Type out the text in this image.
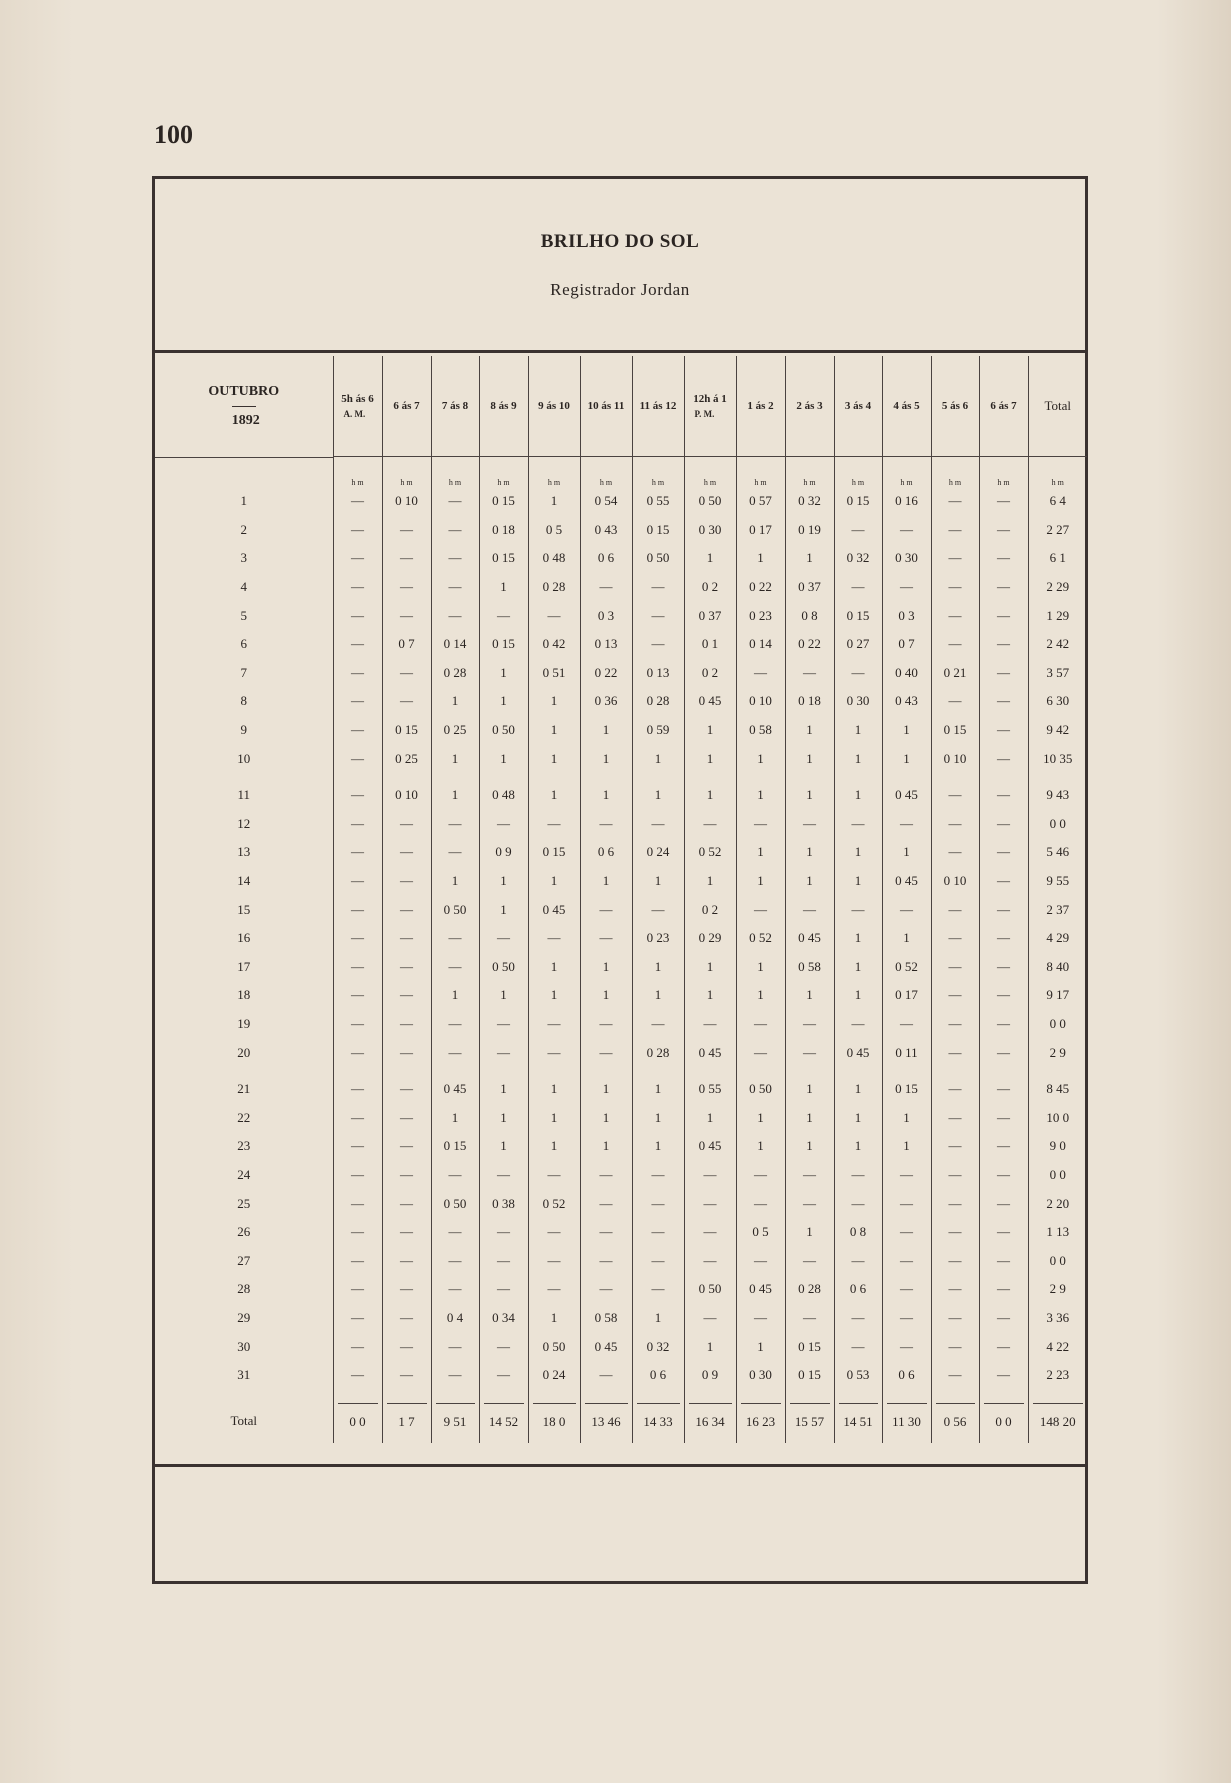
100
BRILHO DO SOL
Registrador Jordan
OUTUBRO
1892	5h ás 6
A. M.	6 ás 7	7 ás 8	8 ás 9	9 ás 10	10 ás 11	11 ás 12	12h á 1
P. M.	1 ás 2	2 ás 3	3 ás 4	4 ás 5	5 ás 6	6 ás 7	Total
	h m	h m	h m	h m	h m	h m	h m	h m	h m	h m	h m	h m	h m	h m	h m
1	—	0 10	—	0 15	1	0 54	0 55	0 50	0 57	0 32	0 15	0 16	—	—	6 4
2	—	—	—	0 18	0 5	0 43	0 15	0 30	0 17	0 19	—	—	—	—	2 27
3	—	—	—	0 15	0 48	0 6	0 50	1	1	1	0 32	0 30	—	—	6 1
4	—	—	—	1	0 28	—	—	0 2	0 22	0 37	—	—	—	—	2 29
5	—	—	—	—	—	0 3	—	0 37	0 23	0 8	0 15	0 3	—	—	1 29
6	—	0 7	0 14	0 15	0 42	0 13	—	0 1	0 14	0 22	0 27	0 7	—	—	2 42
7	—	—	0 28	1	0 51	0 22	0 13	0 2	—	—	—	0 40	0 21	—	3 57
8	—	—	1	1	1	0 36	0 28	0 45	0 10	0 18	0 30	0 43	—	—	6 30
9	—	0 15	0 25	0 50	1	1	0 59	1	0 58	1	1	1	0 15	—	9 42
10	—	0 25	1	1	1	1	1	1	1	1	1	1	0 10	—	10 35
11	—	0 10	1	0 48	1	1	1	1	1	1	1	0 45	—	—	9 43
12	—	—	—	—	—	—	—	—	—	—	—	—	—	—	0 0
13	—	—	—	0 9	0 15	0 6	0 24	0 52	1	1	1	1	—	—	5 46
14	—	—	1	1	1	1	1	1	1	1	1	0 45	0 10	—	9 55
15	—	—	0 50	1	0 45	—	—	0 2	—	—	—	—	—	—	2 37
16	—	—	—	—	—	—	0 23	0 29	0 52	0 45	1	1	—	—	4 29
17	—	—	—	0 50	1	1	1	1	1	0 58	1	0 52	—	—	8 40
18	—	—	1	1	1	1	1	1	1	1	1	0 17	—	—	9 17
19	—	—	—	—	—	—	—	—	—	—	—	—	—	—	0 0
20	—	—	—	—	—	—	0 28	0 45	—	—	0 45	0 11	—	—	2 9
21	—	—	0 45	1	1	1	1	0 55	0 50	1	1	0 15	—	—	8 45
22	—	—	1	1	1	1	1	1	1	1	1	1	—	—	10 0
23	—	—	0 15	1	1	1	1	0 45	1	1	1	1	—	—	9 0
24	—	—	—	—	—	—	—	—	—	—	—	—	—	—	0 0
25	—	—	0 50	0 38	0 52	—	—	—	—	—	—	—	—	—	2 20
26	—	—	—	—	—	—	—	—	0 5	1	0 8	—	—	—	1 13
27	—	—	—	—	—	—	—	—	—	—	—	—	—	—	0 0
28	—	—	—	—	—	—	—	0 50	0 45	0 28	0 6	—	—	—	2 9
29	—	—	0 4	0 34	1	0 58	1	—	—	—	—	—	—	—	3 36
30	—	—	—	—	0 50	0 45	0 32	1	1	0 15	—	—	—	—	4 22
31	—	—	—	—	0 24	—	0 6	0 9	0 30	0 15	0 53	0 6	—	—	2 23
Total	0 0	1 7	9 51	14 52	18 0	13 46	14 33	16 34	16 23	15 57	14 51	11 30	0 56	0 0	148 20
